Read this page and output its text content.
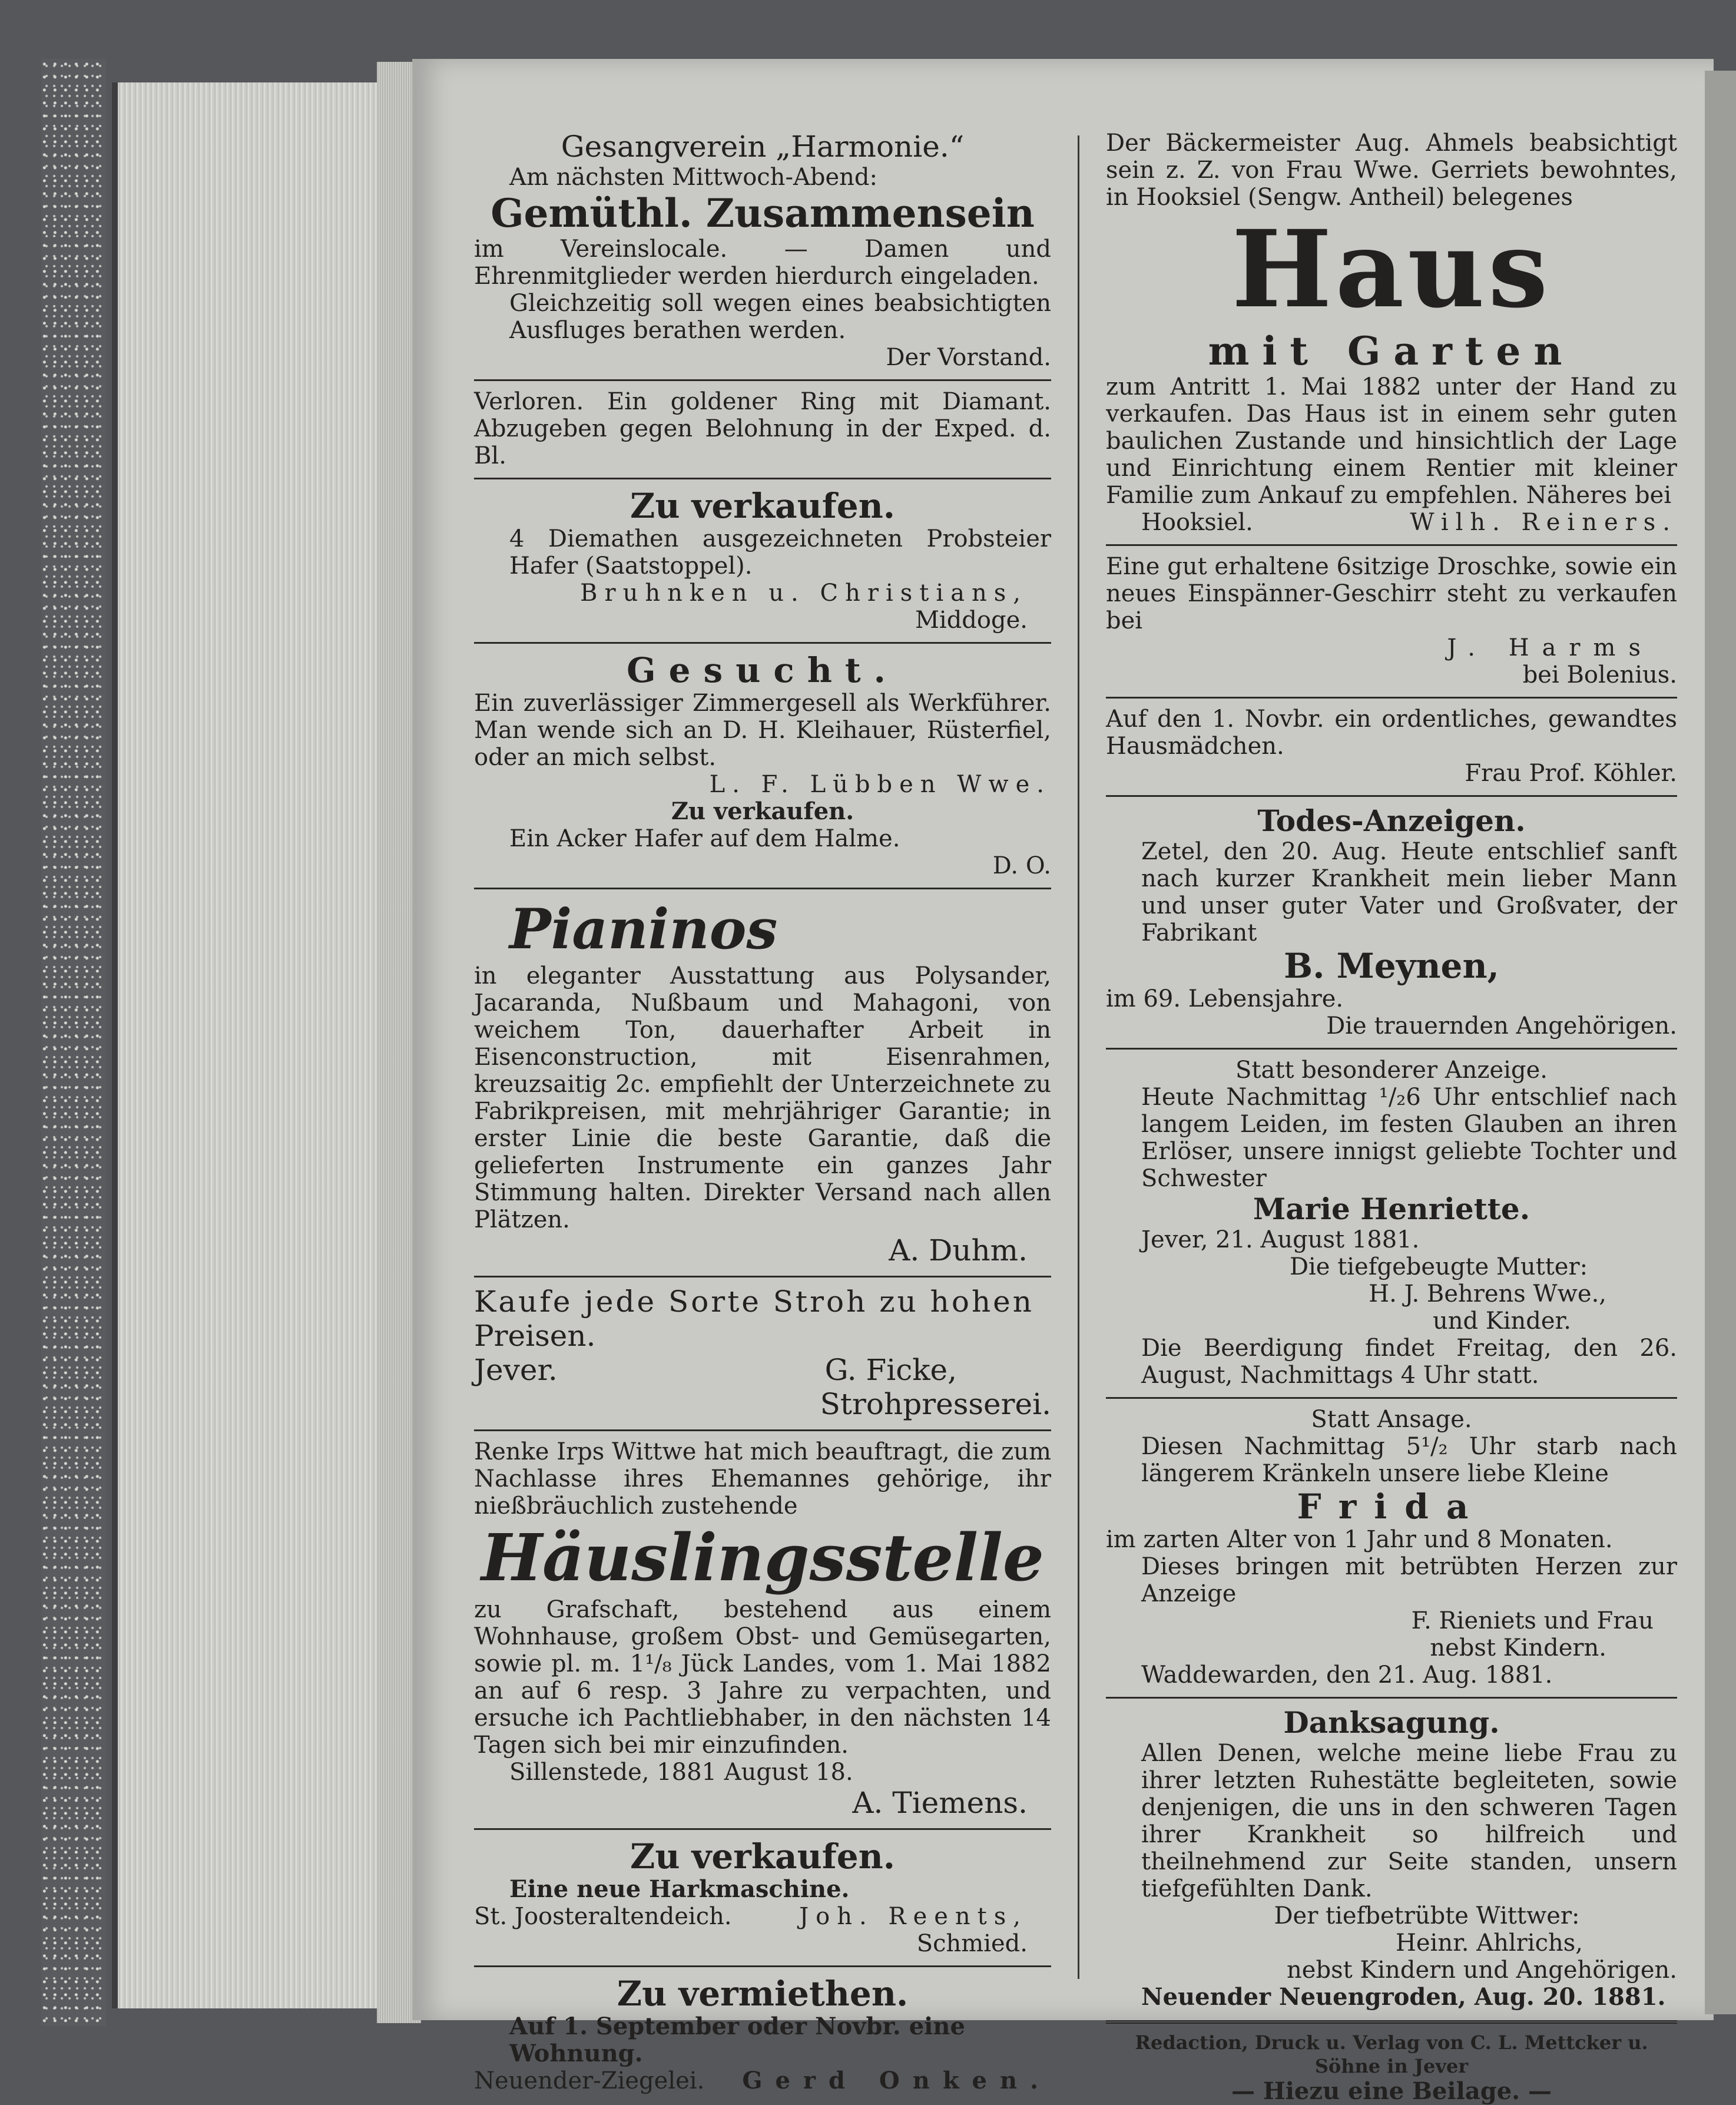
Gesangverein „Harmonie.“
Am nächsten Mittwoch-Abend:
Gemüthl. Zusammensein
im Vereinslocale. — Damen und Ehrenmitglieder werden hierdurch eingeladen.
Gleichzeitig soll wegen eines beabsichtigten Ausfluges berathen werden.
Der Vorstand.
Verloren. Ein goldener Ring mit Diamant. Abzugeben gegen Belohnung in der Exped. d. Bl.
Zu verkaufen.
4 Diemathen ausgezeichneten Probsteier Hafer (Saatstoppel).
Bruhnken u. Christians,
Middoge.
Gesucht.
Ein zuverlässiger Zimmergesell als Werkführer. Man wende sich an D. H. Kleihauer, Rüsterfiel, oder an mich selbst.
L. F. Lübben Wwe.
Zu verkaufen.
Ein Acker Hafer auf dem Halme.
D. O.
Pianinos
in eleganter Ausstattung aus Polysander, Jacaranda, Nußbaum und Mahagoni, von weichem Ton, dauerhafter Arbeit in Eisenconstruction, mit Eisenrahmen, kreuzsaitig 2c. empfiehlt der Unterzeichnete zu Fabrikpreisen, mit mehrjähriger Garantie; in erster Linie die beste Garantie, daß die gelieferten Instrumente ein ganzes Jahr Stimmung halten. Direkter Versand nach allen Plätzen.
A. Duhm.
Kaufe jede Sorte Stroh zu hohen
Preisen.
Jever.	G. Ficke,
Strohpresserei.
Renke Irps Wittwe hat mich beauftragt, die zum Nachlasse ihres Ehemannes gehörige, ihr nießbräuchlich zustehende
Häuslingsstelle
zu Grafschaft, bestehend aus einem Wohnhause, großem Obst- und Gemüsegarten, sowie pl. m. 1¹/₈ Jück Landes, vom 1. Mai 1882 an auf 6 resp. 3 Jahre zu verpachten, und ersuche ich Pachtliebhaber, in den nächsten 14 Tagen sich bei mir einzufinden.
Sillenstede, 1881 August 18.
A. Tiemens.
Zu verkaufen.
Eine neue Harkmaschine.
St. Joosteraltendeich.	Joh. Reents,
Schmied.
Zu vermiethen.
Auf 1. September oder Novbr. eine Wohnung.
Neuender-Ziegelei. Gerd Onken.
Der Bäckermeister Aug. Ahmels beabsichtigt sein z. Z. von Frau Wwe. Gerriets bewohntes, in Hooksiel (Sengw. Antheil) belegenes
Haus
mit Garten
zum Antritt 1. Mai 1882 unter der Hand zu verkaufen. Das Haus ist in einem sehr guten baulichen Zustande und hinsichtlich der Lage und Einrichtung einem Rentier mit kleiner Familie zum Ankauf zu empfehlen. Näheres bei
Hooksiel.	Wilh. Reiners.
Eine gut erhaltene 6sitzige Droschke, sowie ein neues Einspänner-Geschirr steht zu verkaufen bei
J. Harms
bei Bolenius.
Auf den 1. Novbr. ein ordentliches, gewandtes Hausmädchen.
Frau Prof. Köhler.
Todes-Anzeigen.
Zetel, den 20. Aug. Heute entschlief sanft nach kurzer Krankheit mein lieber Mann und unser guter Vater und Großvater, der Fabrikant
B. Meynen,
im 69. Lebensjahre.
Die trauernden Angehörigen.
Statt besonderer Anzeige.
Heute Nachmittag ¹/₂6 Uhr entschlief nach langem Leiden, im festen Glauben an ihren Erlöser, unsere innigst geliebte Tochter und Schwester
Marie Henriette.
Jever, 21. August 1881.
Die tiefgebeugte Mutter:
H. J. Behrens Wwe.,
und Kinder.
Die Beerdigung findet Freitag, den 26. August, Nachmittags 4 Uhr statt.
Statt Ansage.
Diesen Nachmittag 5¹/₂ Uhr starb nach längerem Kränkeln unsere liebe Kleine
Frida
im zarten Alter von 1 Jahr und 8 Monaten.
Dieses bringen mit betrübten Herzen zur Anzeige
F. Rieniets und Frau
nebst Kindern.
Waddewarden, den 21. Aug. 1881.
Danksagung.
Allen Denen, welche meine liebe Frau zu ihrer letzten Ruhestätte begleiteten, sowie denjenigen, die uns in den schweren Tagen ihrer Krankheit so hilfreich und theilnehmend zur Seite standen, unsern tiefgefühlten Dank.
Der tiefbetrübte Wittwer:
Heinr. Ahlrichs,
nebst Kindern und Angehörigen.
Neuender Neuengroden, Aug. 20. 1881.
Redaction, Druck u. Verlag von C. L. Mettcker u. Söhne in Jever
— Hiezu eine Beilage. —
